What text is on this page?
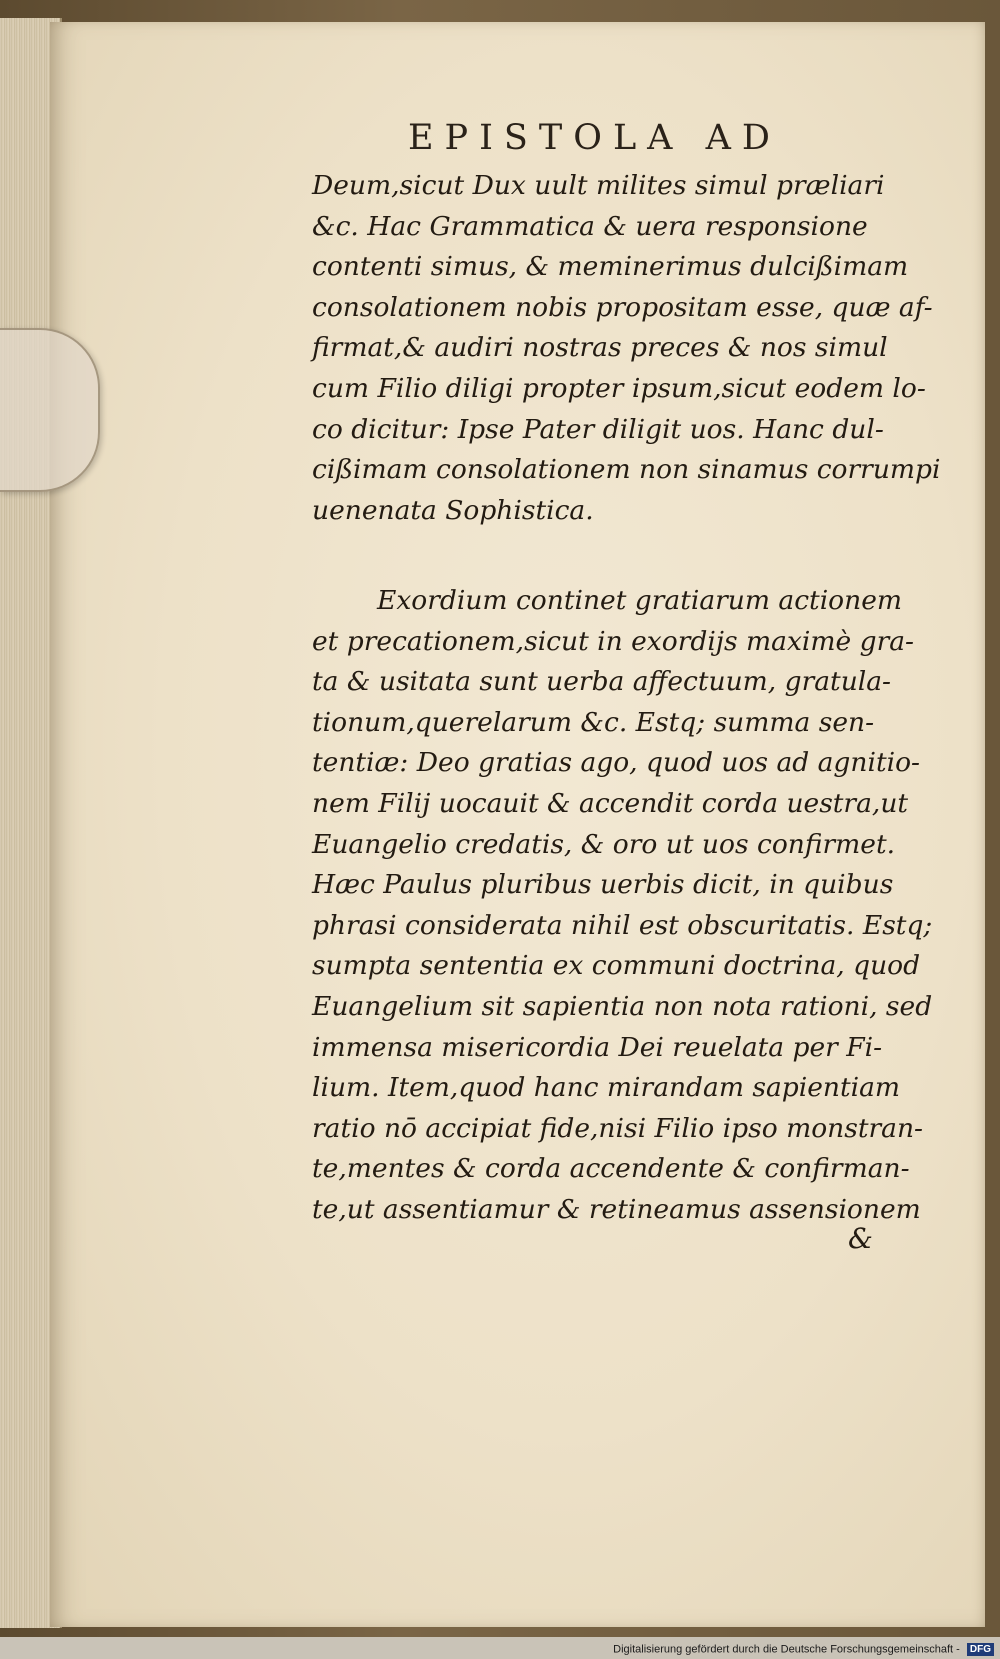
EPISTOLA AD
Deum,sicut Dux uult milites simul præliari
&c. Hac Grammatica & uera responsione
contenti simus, & meminerimus dulcißimam
consolationem nobis propositam esse, quæ af-
firmat,& audiri nostras preces & nos simul
cum Filio diligi propter ipsum,sicut eodem lo-
co dicitur: Ipse Pater diligit uos. Hanc dul-
cißimam consolationem non sinamus corrumpi
uenenata Sophistica.
Exordium continet gratiarum actionem
et precationem,sicut in exordijs maximè gra-
ta & usitata sunt uerba affectuum, gratula-
tionum,querelarum &c. Estq; summa sen-
tentiæ: Deo gratias ago, quod uos ad agnitio-
nem Filij uocauit & accendit corda uestra,ut
Euangelio credatis, & oro ut uos confirmet.
Hæc Paulus pluribus uerbis dicit, in quibus
phrasi considerata nihil est obscuritatis. Estq;
sumpta sententia ex communi doctrina, quod
Euangelium sit sapientia non nota rationi, sed
immensa misericordia Dei reuelata per Fi-
lium. Item,quod hanc mirandam sapientiam
ratio nō accipiat fide,nisi Filio ipso monstran-
te,mentes & corda accendente & confirman-
te,ut assentiamur & retineamus assensionem
&
Digitalisierung gefördert durch die Deutsche Forschungsgemeinschaft - DFG
